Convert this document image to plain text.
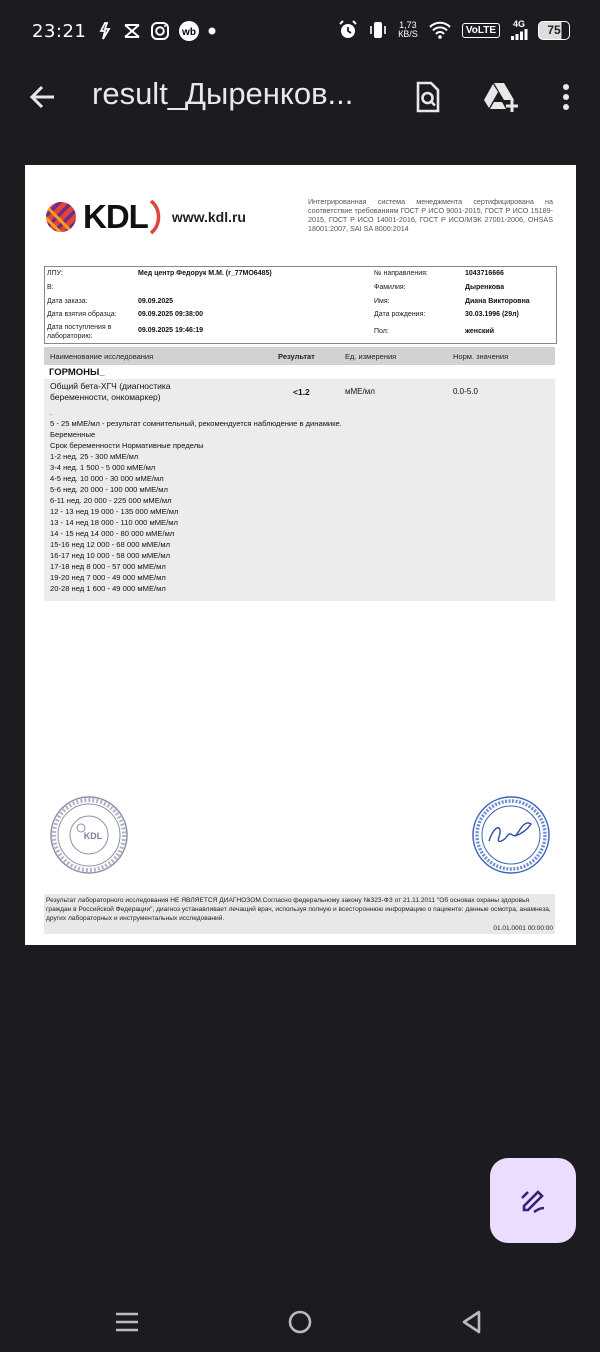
23:21	wb
1,73
КВ/S	VoLTE
4G	75
result_Дыренков...
KDL www.kdl.ru
Интегрированная система менеджмента сертифицирована на соответствие требованиям ГОСТ Р ИСО 9001-2015, ГОСТ Р ИСО 15189-2015, ГОСТ Р ИСО 14001-2016, ГОСТ Р ИСО/МЭК 27001-2006, OHSAS 18001:2007, SAI SA 8000:2014
ЛПУ:	Мед центр Федорук М.М. (r_77МО6485)
В:
Дата заказа:	09.09.2025
Дата взятия образца:	09.09.2025 09:38:00
Дата поступления в лабораторию:
09.09.2025 19:46:19
№ направления:	1043716666
Фамилия:	Дыренкова
Имя:	Диана Викторовна
Дата рождения:	30.03.1996 (29л)
Пол:	женский
Наименование исследования	Результат	Ед. измерения	Норм. значения
ГОРМОНЫ_
Общий бета-ХГЧ (диагностика беременности, онкомаркер)	<1.2	мМЕ/мл	0.0-5.0
.
5 - 25 мМЕ/мл - результат сомнительный, рекомендуется наблюдение в динамике.
Беременные
Срок беременности Нормативные пределы
1-2 нед. 25 - 300 мМЕ/мл
3-4 нед. 1 500 - 5 000 мМЕ/мл
4-5 нед. 10 000 - 30 000 мМЕ/мл
5-6 нед. 20 000 - 100 000 мМЕ/мл
6-11 нед. 20 000 - 225 000 мМЕ/мл
12 - 13 нед 19 000 - 135 000 мМЕ/мл
13 - 14 нед 18 000 - 110 000 мМЕ/мл
14 - 15 нед 14 000 - 80 000 мМЕ/мл
15-16 нед 12 000 - 68 000 мМЕ/мл
16-17 нед 10 000 - 58 000 мМЕ/мл
17-18 нед 8 000 - 57 000 мМЕ/мл
19-20 нед 7 000 - 49 000 мМЕ/мл
20-28 нед 1 600 - 49 000 мМЕ/мл
KDL
Результат лабораторного исследования НЕ ЯВЛЯЕТСЯ ДИАГНОЗОМ.Согласно федеральному закону №323-ФЗ от 21.11.2011 "Об основах охраны здоровья граждан в Российской Федерации", диагноз устанавливает лечащий врач, используя полную и всестороннюю информацию о пациенте: данные осмотра, анамнеза, других лабораторных и инструментальных исследований.
01.01.0001 00:00:00
